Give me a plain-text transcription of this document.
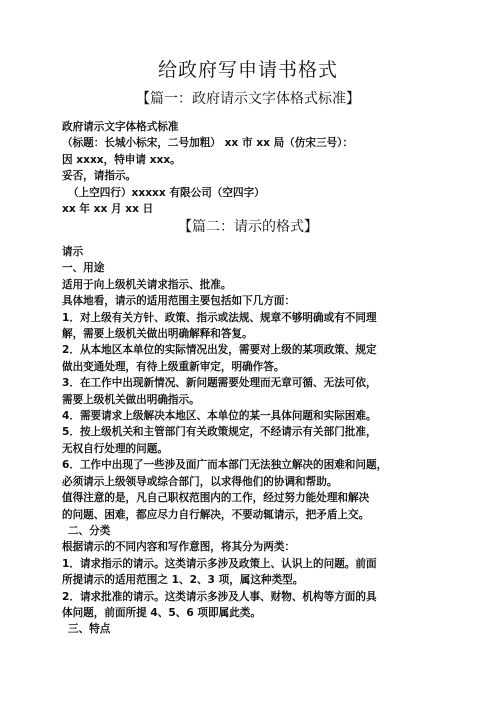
给政府写申请书格式
【篇一：政府请示文字体格式标准】
政府请示文字体格式标准
（标题：长城小标宋，二号加粗） xx 市 xx 局（仿宋三号）：
因 xxxx，特申请 xxx。
妥否，请指示。
（上空四行）xxxxx 有限公司（空四字）
xx 年 xx 月 xx 日
【篇二：请示的格式】
请示
一、用途
适用于向上级机关请求指示、批准。
具体地看，请示的适用范围主要包括如下几方面：
1．对上级有关方针、政策、指示或法规、规章不够明确或有不同理
解，需要上级机关做出明确解释和答复。
2．从本地区本单位的实际情况出发，需要对上级的某项政策、规定
做出变通处理，有待上级重新审定，明确作答。
3．在工作中出现新情况、新问题需要处理而无章可循、无法可依，
需要上级机关做出明确指示。
4．需要请求上级解决本地区、本单位的某一具体问题和实际困难。
5．按上级机关和主管部门有关政策规定，不经请示有关部门批准，
无权自行处理的问题。
6．工作中出现了一些涉及面广而本部门无法独立解决的困难和问题，
必须请示上级领导或综合部门，以求得他们的协调和帮助。
值得注意的是，凡自己职权范围内的工作，经过努力能处理和解决
的问题、困难，都应尽力自行解决，不要动辄请示，把矛盾上交。
二、分类
根据请示的不同内容和写作意图，将其分为两类：
1．请求指示的请示。这类请示多涉及政策上、认识上的问题。前面
所提请示的适用范围之 1、2、3 项，属这种类型。
2．请求批准的请示。这类请示多涉及人事、财物、机构等方面的具
体问题，前面所提 4、5、6 项即属此类。
三、特点
